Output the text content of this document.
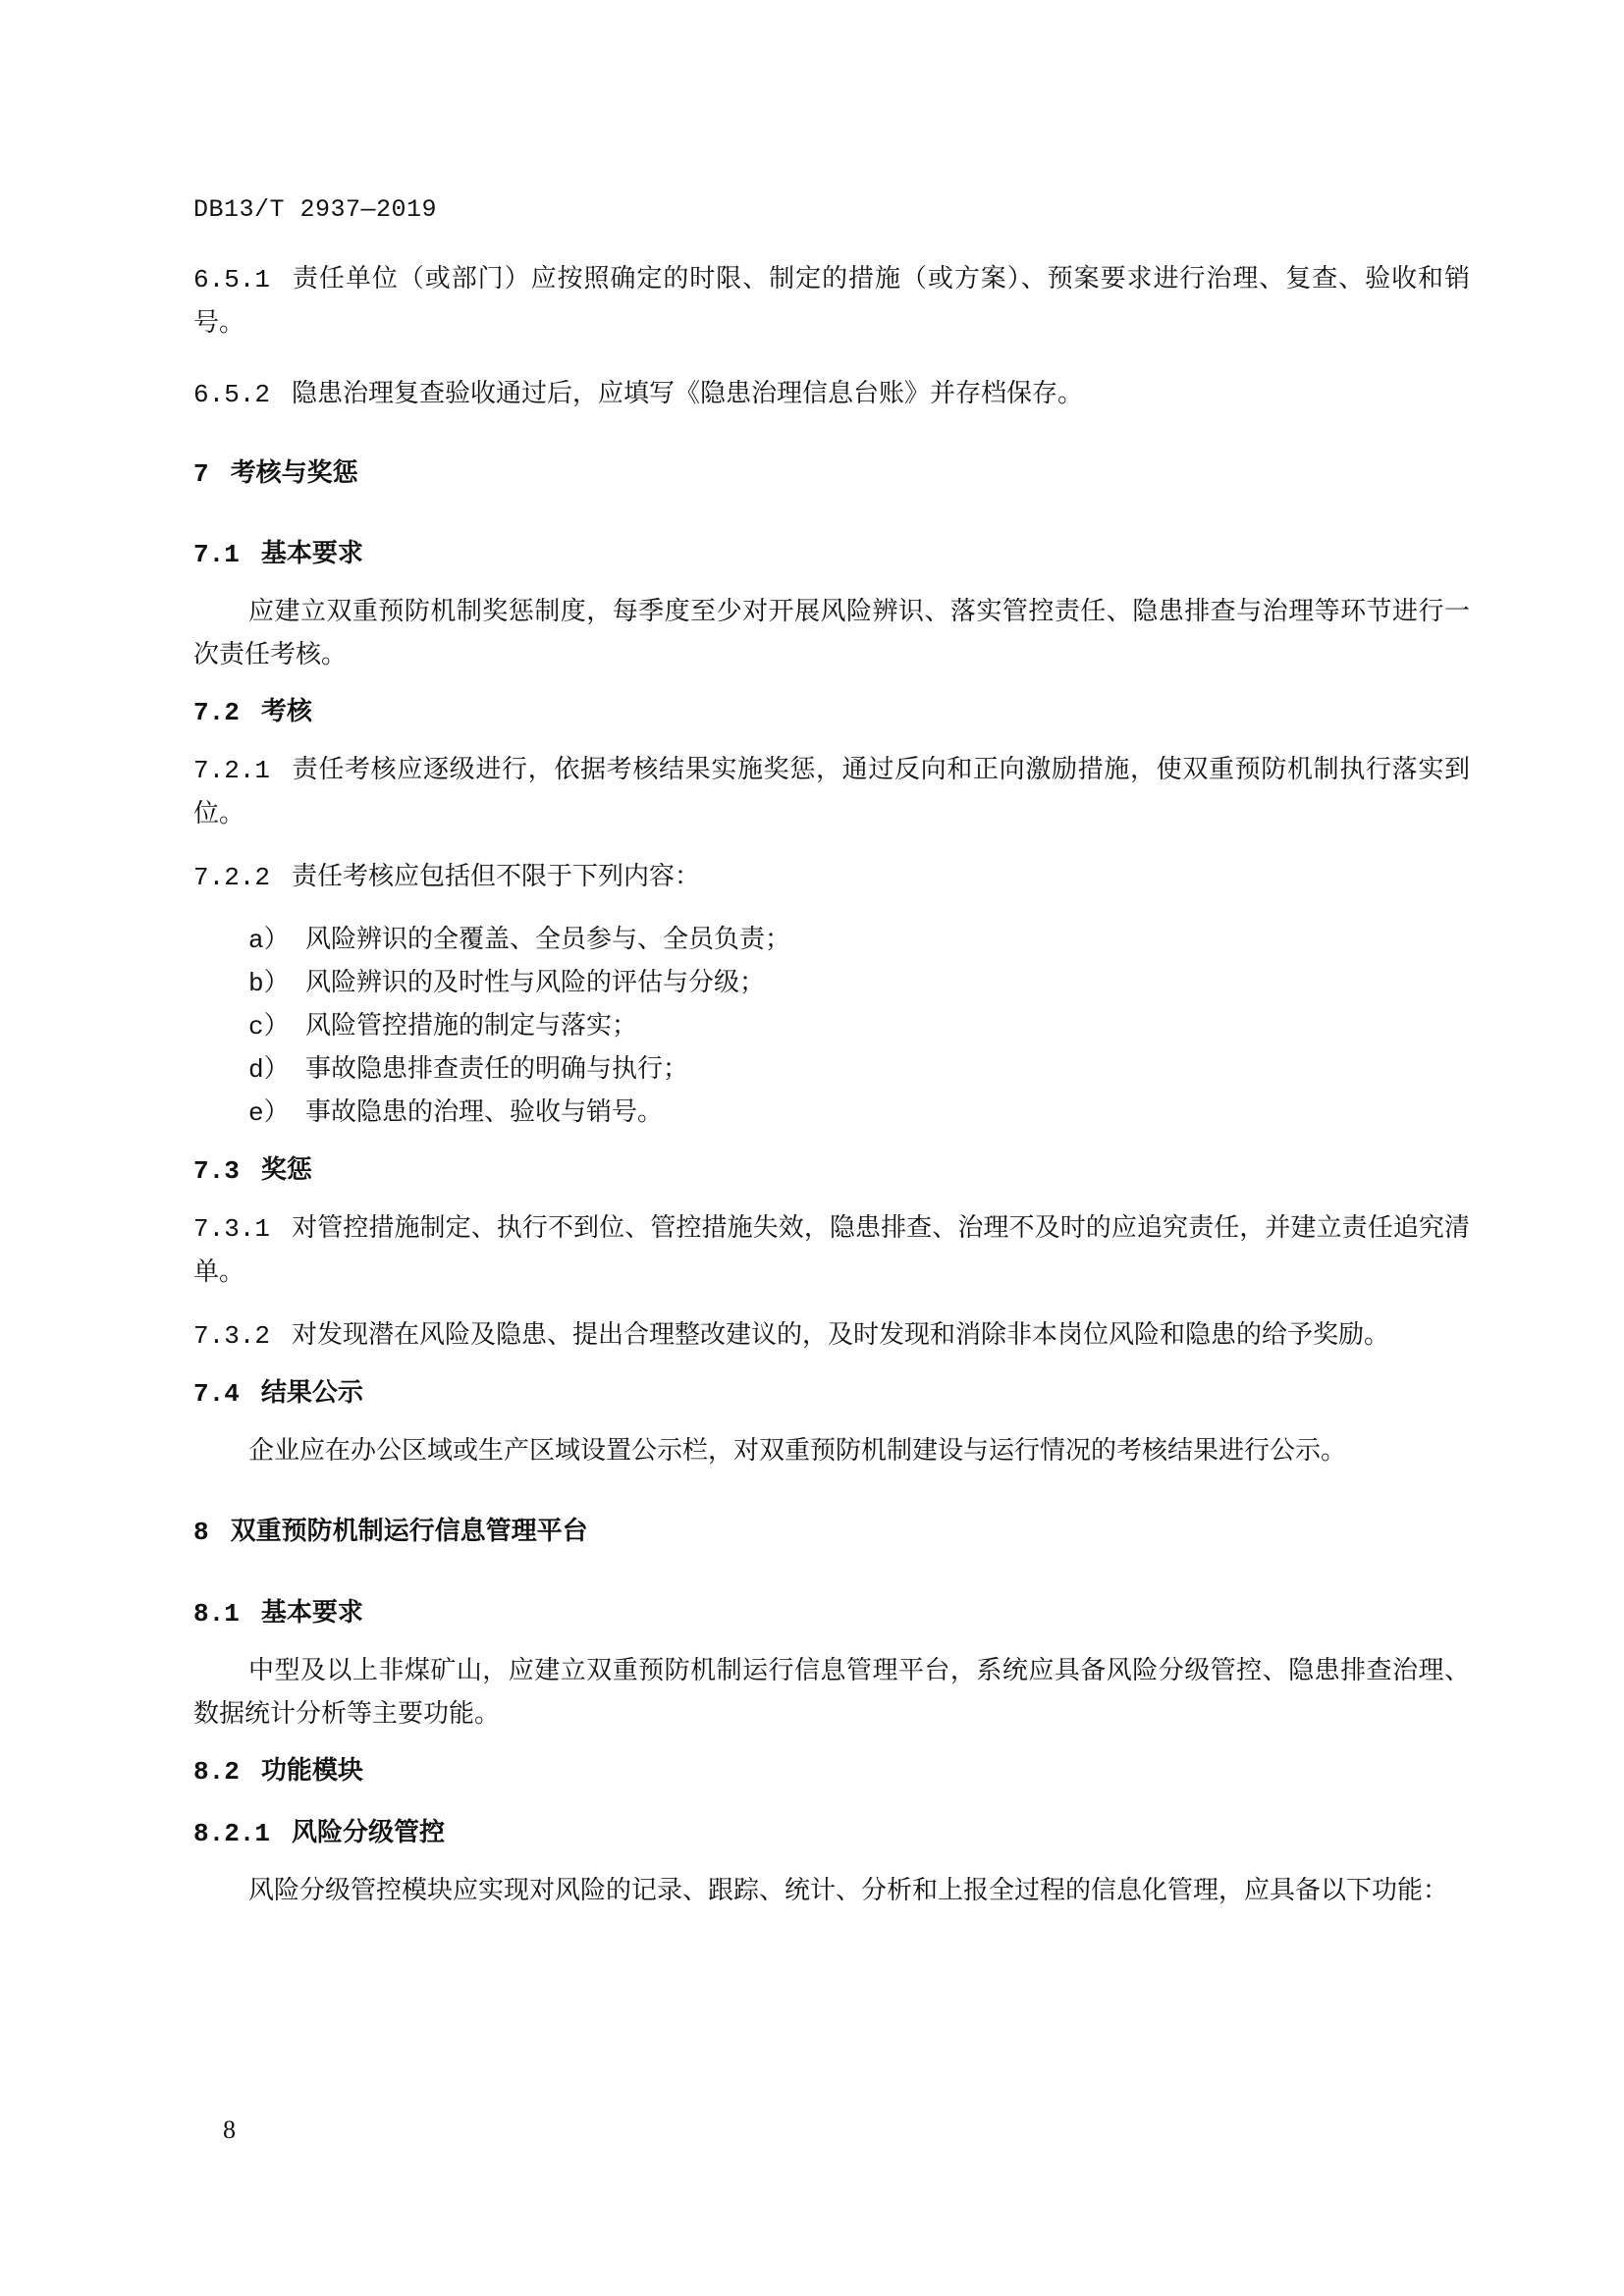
DB13/T 2937—2019

6.5.1 责任单位（或部门）应按照确定的时限、制定的措施（或方案）、预案要求进行治理、复查、验收和销号。

6.5.2 隐患治理复查验收通过后，应填写《隐患治理信息台账》并存档保存。

7 考核与奖惩

7.1 基本要求

应建立双重预防机制奖惩制度，每季度至少对开展风险辨识、落实管控责任、隐患排查与治理等环节进行一次责任考核。

7.2 考核

7.2.1 责任考核应逐级进行，依据考核结果实施奖惩，通过反向和正向激励措施，使双重预防机制执行落实到位。

7.2.2 责任考核应包括但不限于下列内容：

a） 风险辨识的全覆盖、全员参与、全员负责；
b） 风险辨识的及时性与风险的评估与分级；
c） 风险管控措施的制定与落实；
d） 事故隐患排查责任的明确与执行；
e） 事故隐患的治理、验收与销号。

7.3 奖惩

7.3.1 对管控措施制定、执行不到位、管控措施失效，隐患排查、治理不及时的应追究责任，并建立责任追究清单。

7.3.2 对发现潜在风险及隐患、提出合理整改建议的，及时发现和消除非本岗位风险和隐患的给予奖励。

7.4 结果公示

企业应在办公区域或生产区域设置公示栏，对双重预防机制建设与运行情况的考核结果进行公示。

8 双重预防机制运行信息管理平台

8.1 基本要求

中型及以上非煤矿山，应建立双重预防机制运行信息管理平台，系统应具备风险分级管控、隐患排查治理、数据统计分析等主要功能。

8.2 功能模块

8.2.1 风险分级管控

风险分级管控模块应实现对风险的记录、跟踪、统计、分析和上报全过程的信息化管理，应具备以下功能：

8
